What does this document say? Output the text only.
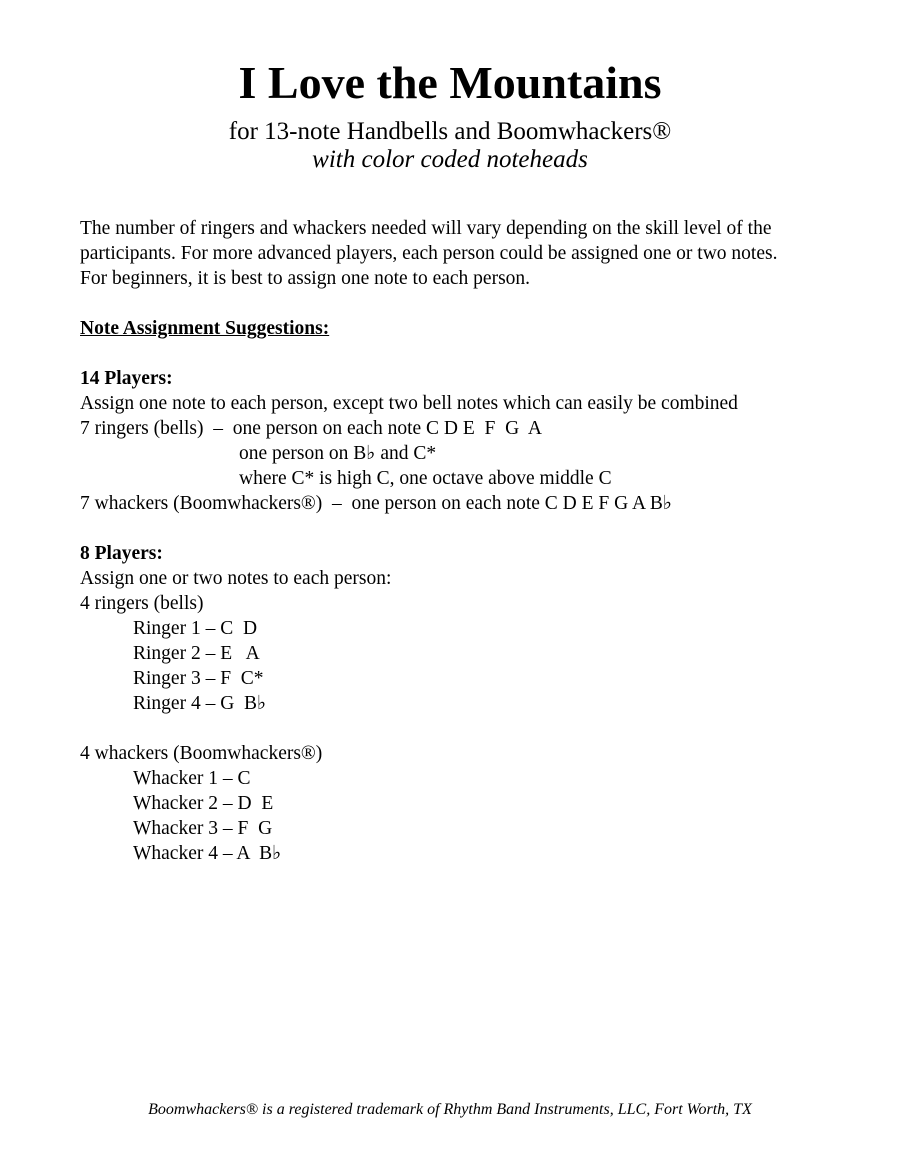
I Love the Mountains
for 13-note Handbells and Boomwhackers®
with color coded noteheads
The number of ringers and whackers needed will vary depending on the skill level of the
participants. For more advanced players, each person could be assigned one or two notes.
For beginners, it is best to assign one note to each person.
Note Assignment Suggestions:
14 Players:
Assign one note to each person, except two bell notes which can easily be combined
7 ringers (bells)  –  one person on each note C D E  F  G  A
one person on B♭ and C*
where C* is high C, one octave above middle C
7 whackers (Boomwhackers®)  –  one person on each note C D E F G A B♭
8 Players:
Assign one or two notes to each person:
4 ringers (bells)
Ringer 1 – C  D
Ringer 2 – E   A
Ringer 3 – F  C*
Ringer 4 – G  B♭
4 whackers (Boomwhackers®)
Whacker 1 – C
Whacker 2 – D  E
Whacker 3 – F  G
Whacker 4 – A  B♭
Boomwhackers® is a registered trademark of Rhythm Band Instruments, LLC, Fort Worth, TX
